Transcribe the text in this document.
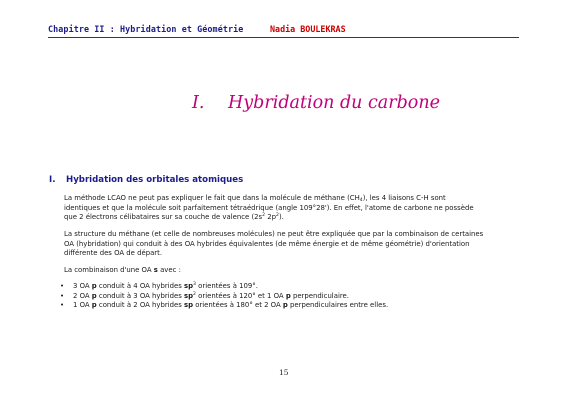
Chapitre II : Hybridation et Géométrie	Nadia BOULEKRAS
I. Hybridation du carbone
I. Hybridation des orbitales atomiques
La méthode LCAO ne peut pas expliquer le fait que dans la molécule de méthane $(CH_4)$, les 4 liaisons C-H sont
identiques et que la molécule soit parfaitement tétraédrique (angle 109°28'). En effet, l'atome de carbone ne possède
que 2 électrons célibataires sur sa couche de valence ($2s^2$ $2p^2$).
La structure du méthane (et celle de nombreuses molécules) ne peut être expliquée que par la combinaison de certaines
OA (hybridation) qui conduit à des OA hybrides équivalentes (de même énergie et de même géométrie) d'orientation
différente des OA de départ.
La combinaison d'une OA s avec :
• 3 OA p conduit à 4 OA hybrides $sp^3$ orientées à 109°.
• 2 OA p conduit à 3 OA hybrides $sp^2$ orientées à 120° et 1 OA p perpendiculaire.
• 1 OA p conduit à 2 OA hybrides sp orientées à 180° et 2 OA p perpendiculaires entre elles.
15
